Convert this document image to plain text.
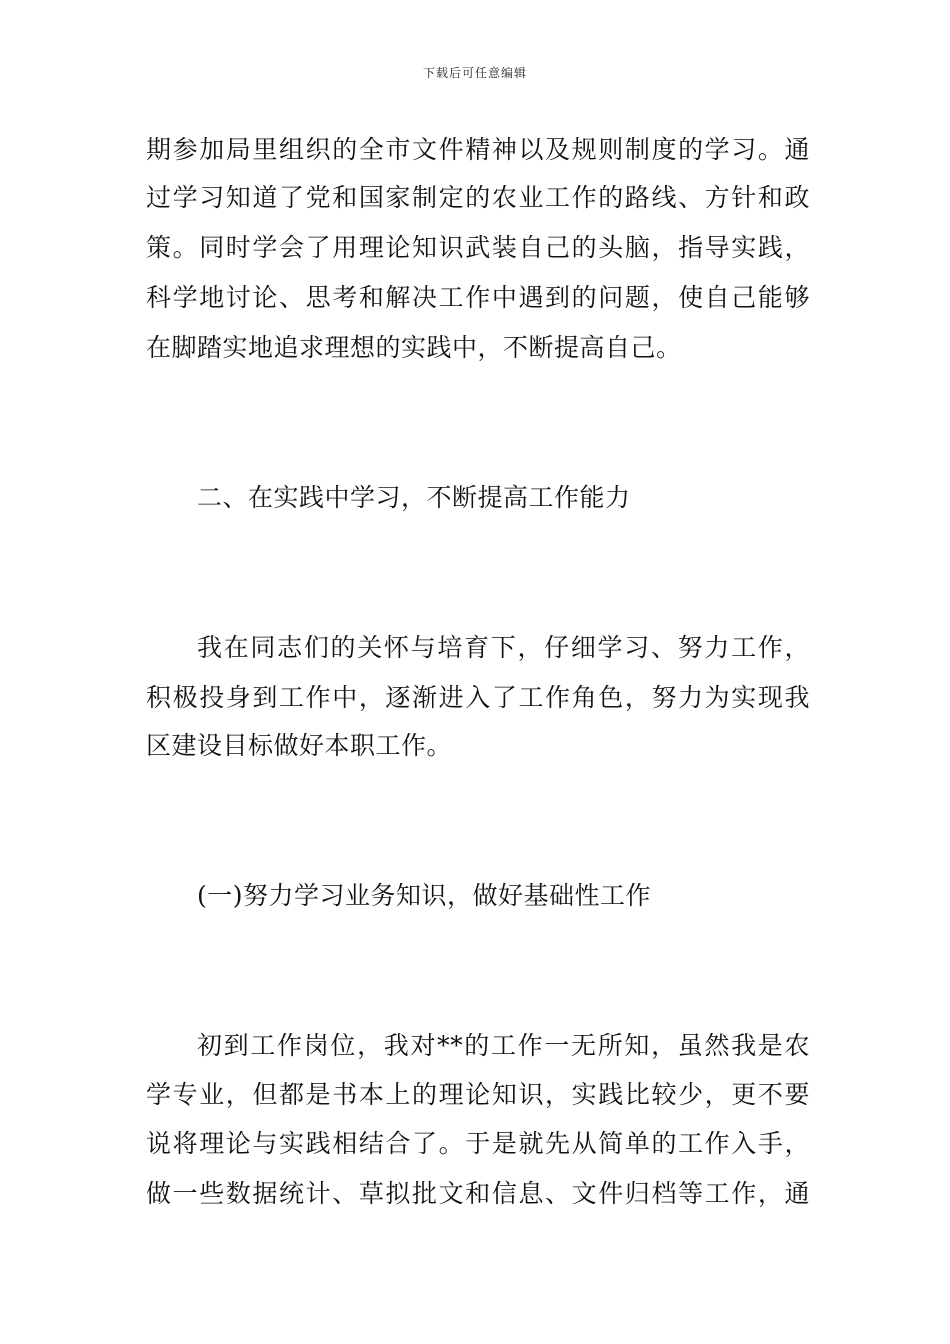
下载后可任意编辑
期参加局里组织的全市文件精神以及规则制度的学习。通
过学习知道了党和国家制定的农业工作的路线、方针和政
策。同时学会了用理论知识武装自己的头脑，指导实践，
科学地讨论、思考和解决工作中遇到的问题，使自己能够
在脚踏实地追求理想的实践中，不断提高自己。
二、在实践中学习，不断提高工作能力
我在同志们的关怀与培育下，仔细学习、努力工作，
积极投身到工作中，逐渐进入了工作角色，努力为实现我
区建设目标做好本职工作。
(一)努力学习业务知识，做好基础性工作
初到工作岗位，我对**的工作一无所知，虽然我是农
学专业，但都是书本上的理论知识，实践比较少，更不要
说将理论与实践相结合了。于是就先从简单的工作入手，
做一些数据统计、草拟批文和信息、文件归档等工作，通
